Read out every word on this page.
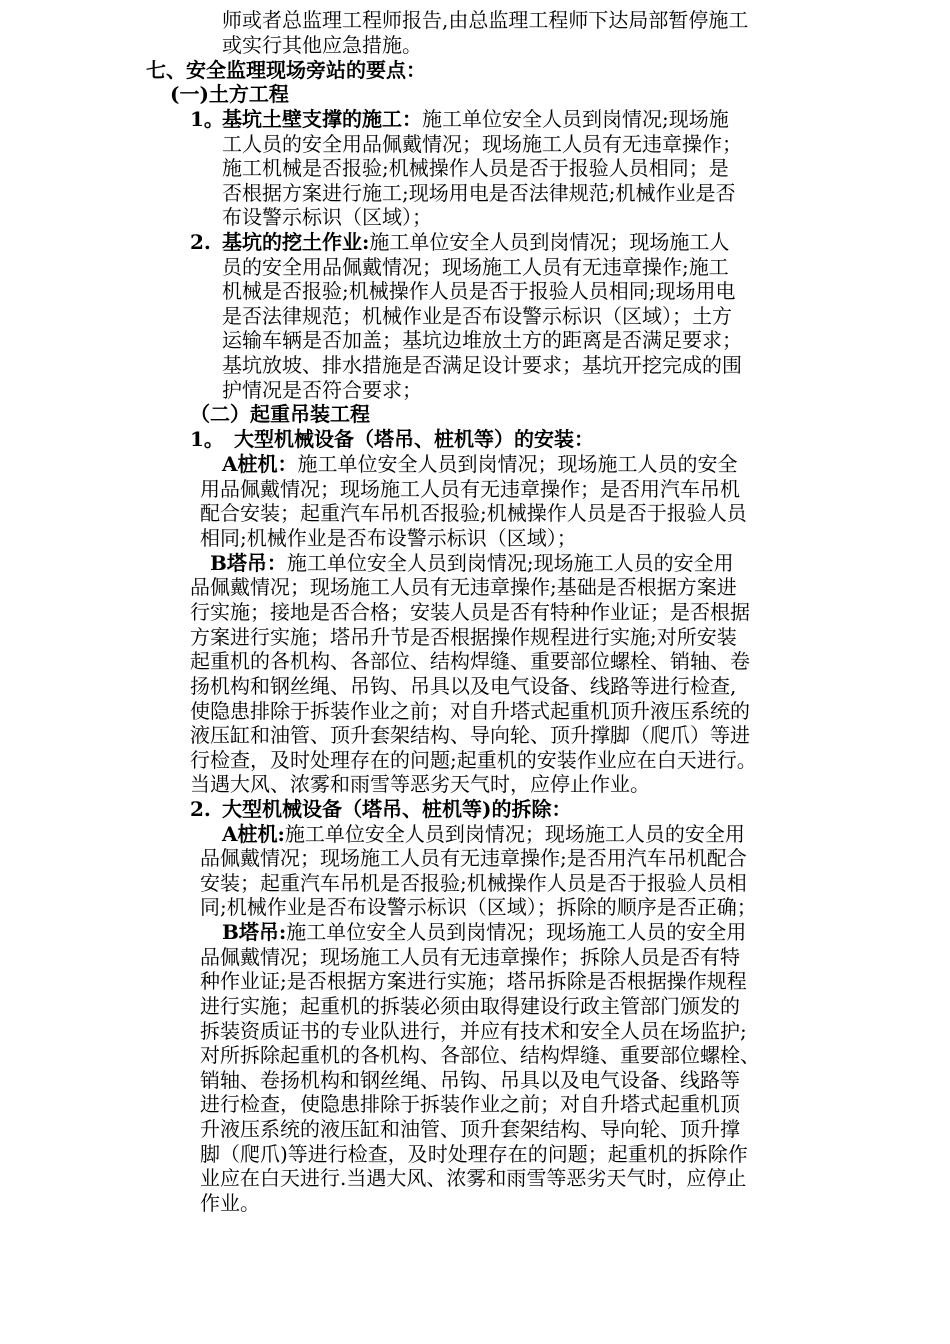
师或者总监理工程师报告,由总监理工程师下达局部暂停施工
或实行其他应急措施。
七、安全监理现场旁站的要点：
(一)土方工程
1。
基坑土壁支撑的施工：施工单位安全人员到岗情况;现场施
工人员的安全用品佩戴情况；现场施工人员有无违章操作；
施工机械是否报验;机械操作人员是否于报验人员相同；是
否根据方案进行施工;现场用电是否法律规范;机械作业是否
布设警示标识（区域）；
2. 基坑的挖土作业:施工单位安全人员到岗情况；现场施工人
员的安全用品佩戴情况；现场施工人员有无违章操作;施工
机械是否报验;机械操作人员是否于报验人员相同;现场用电
是否法律规范；机械作业是否布设警示标识（区域）；土方
运输车辆是否加盖；基坑边堆放土方的距离是否满足要求；
基坑放坡、排水措施是否满足设计要求；基坑开挖完成的围
护情况是否符合要求；
（二）起重吊装工程
1。 大型机械设备（塔吊、桩机等）的安装：
A桩机：施工单位安全人员到岗情况；现场施工人员的安全
用品佩戴情况；现场施工人员有无违章操作；是否用汽车吊机
配合安装；起重汽车吊机否报验;机械操作人员是否于报验人员
相同;机械作业是否布设警示标识（区域）；
B塔吊：施工单位安全人员到岗情况;现场施工人员的安全用
品佩戴情况；现场施工人员有无违章操作;基础是否根据方案进
行实施；接地是否合格；安装人员是否有特种作业证；是否根据
方案进行实施；塔吊升节是否根据操作规程进行实施;对所安装
起重机的各机构、各部位、结构焊缝、重要部位螺栓、销轴、卷
扬机构和钢丝绳、吊钩、吊具以及电气设备、线路等进行检查,
使隐患排除于拆装作业之前；对自升塔式起重机顶升液压系统的
液压缸和油管、顶升套架结构、导向轮、顶升撑脚（爬爪）等进
行检查，及时处理存在的问题;起重机的安装作业应在白天进行。
当遇大风、浓雾和雨雪等恶劣天气时，应停止作业。
2. 大型机械设备（塔吊、桩机等)的拆除：
A桩机:施工单位安全人员到岗情况；现场施工人员的安全用
品佩戴情况；现场施工人员有无违章操作;是否用汽车吊机配合
安装；起重汽车吊机是否报验;机械操作人员是否于报验人员相
同;机械作业是否布设警示标识（区域）；拆除的顺序是否正确；
B塔吊:施工单位安全人员到岗情况；现场施工人员的安全用
品佩戴情况；现场施工人员有无违章操作；拆除人员是否有特
种作业证;是否根据方案进行实施；塔吊拆除是否根据操作规程
进行实施；起重机的拆装必须由取得建设行政主管部门颁发的
拆装资质证书的专业队进行，并应有技术和安全人员在场监护;
对所拆除起重机的各机构、各部位、结构焊缝、重要部位螺栓、
销轴、卷扬机构和钢丝绳、吊钩、吊具以及电气设备、线路等
进行检查，使隐患排除于拆装作业之前；对自升塔式起重机顶
升液压系统的液压缸和油管、顶升套架结构、导向轮、顶升撑
脚（爬爪)等进行检查，及时处理存在的问题；起重机的拆除作
业应在白天进行.当遇大风、浓雾和雨雪等恶劣天气时，应停止
作业。
